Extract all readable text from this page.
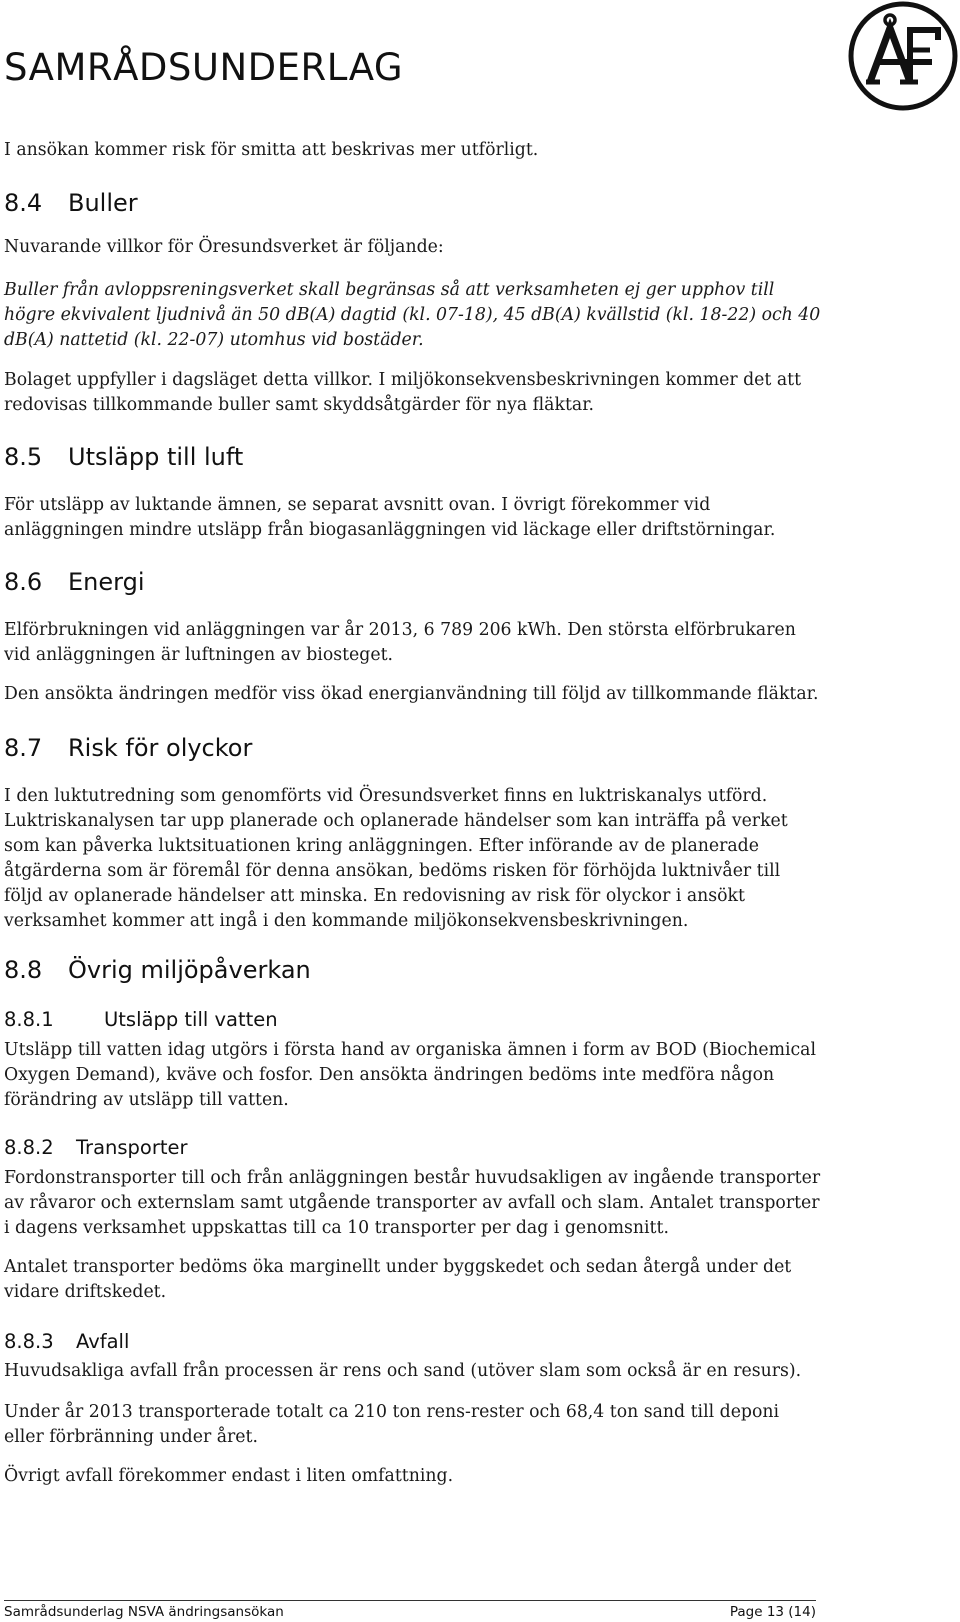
SAMRÅDSUNDERLAG

I ansökan kommer risk för smitta att beskrivas mer utförligt.

8.4 Buller

Nuvarande villkor för Öresundsverket är följande:

Buller från avloppsreningsverket skall begränsas så att verksamheten ej ger upphov till högre ekvivalent ljudnivå än 50 dB(A) dagtid (kl. 07-18), 45 dB(A) kvällstid (kl. 18-22) och 40 dB(A) nattetid (kl. 22-07) utomhus vid bostäder.

Bolaget uppfyller i dagsläget detta villkor. I miljökonsekvensbeskrivningen kommer det att redovisas tillkommande buller samt skyddsåtgärder för nya fläktar.

8.5 Utsläpp till luft

För utsläpp av luktande ämnen, se separat avsnitt ovan. I övrigt förekommer vid anläggningen mindre utsläpp från biogasanläggningen vid läckage eller driftstörningar.

8.6 Energi

Elförbrukningen vid anläggningen var år 2013, 6 789 206 kWh. Den största elförbrukaren vid anläggningen är luftningen av biosteget.

Den ansökta ändringen medför viss ökad energianvändning till följd av tillkommande fläktar.

8.7 Risk för olyckor

I den luktutredning som genomförts vid Öresundsverket finns en luktriskanalys utförd. Luktriskanalysen tar upp planerade och oplanerade händelser som kan inträffa på verket som kan påverka luktsituationen kring anläggningen. Efter införande av de planerade åtgärderna som är föremål för denna ansökan, bedöms risken för förhöjda luktnivåer till följd av oplanerade händelser att minska. En redovisning av risk för olyckor i ansökt verksamhet kommer att ingå i den kommande miljökonsekvensbeskrivningen.

8.8 Övrig miljöpåverkan
8.8.1	Utsläpp till vatten

Utsläpp till vatten idag utgörs i första hand av organiska ämnen i form av BOD (Biochemical Oxygen Demand), kväve och fosfor. Den ansökta ändringen bedöms inte medföra någon förändring av utsläpp till vatten.

8.8.2 Transporter

Fordonstransporter till och från anläggningen består huvudsakligen av ingående transporter av råvaror och externslam samt utgående transporter av avfall och slam. Antalet transporter i dagens verksamhet uppskattas till ca 10 transporter per dag i genomsnitt.

Antalet transporter bedöms öka marginellt under byggskedet och sedan återgå under det vidare driftskedet.

8.8.3 Avfall

Huvudsakliga avfall från processen är rens och sand (utöver slam som också är en resurs).

Under år 2013 transporterade totalt ca 210 ton rens-rester och 68,4 ton sand till deponi eller förbränning under året.

Övrigt avfall förekommer endast i liten omfattning.

Samrådsunderlag NSVA ändringsansökan	Page 13 (14)
